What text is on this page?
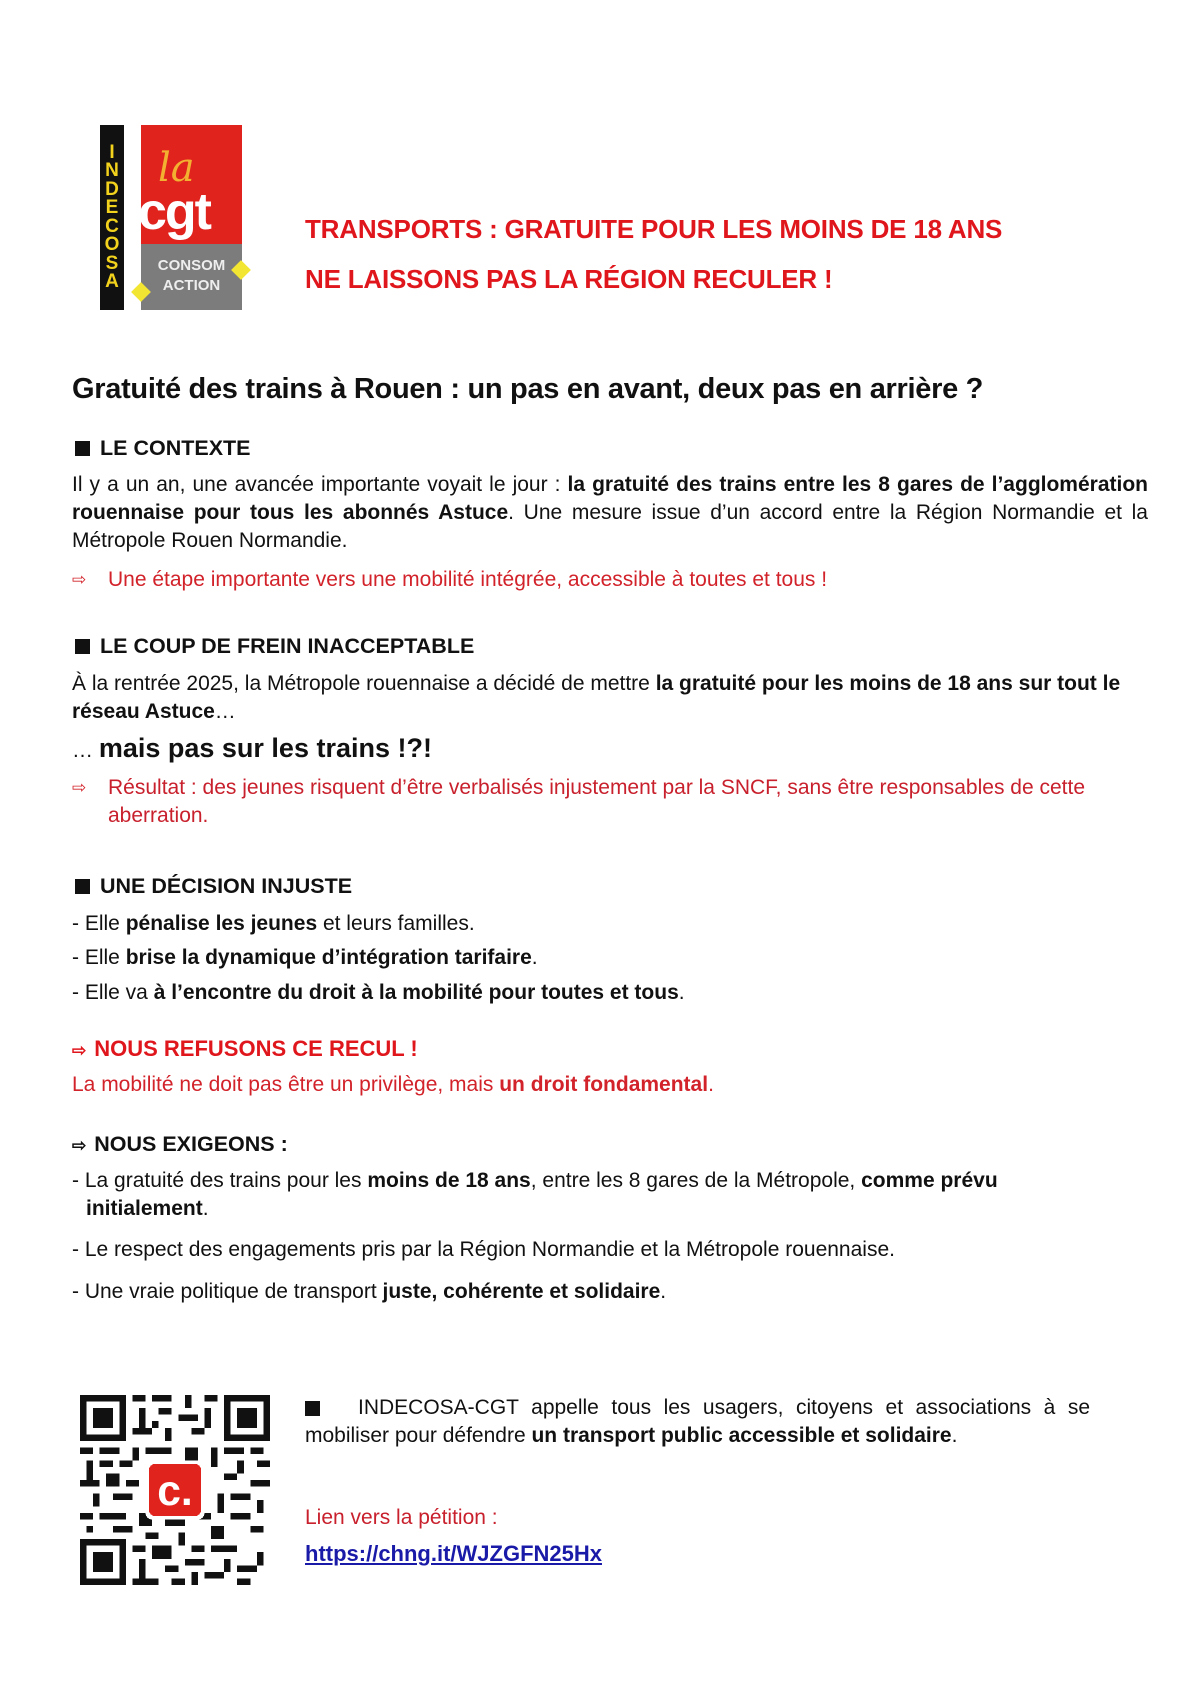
I
N
D
E
C
O
S
A
la
cgt
CONSOM
ACTION
TRANSPORTS : GRATUITE POUR LES MOINS DE 18 ANS
NE LAISSONS PAS LA RÉGION RECULER !
Gratuité des trains à Rouen : un pas en avant, deux pas en arrière ?
LE CONTEXTE
Il y a un an, une avancée importante voyait le jour : la gratuité des trains entre les 8 gares de l’agglomération rouennaise pour tous les abonnés Astuce. Une mesure issue d’un accord entre la Région Normandie et la Métropole Rouen Normandie.
⇨	Une étape importante vers une mobilité intégrée, accessible à toutes et tous !
LE COUP DE FREIN INACCEPTABLE
À la rentrée 2025, la Métropole rouennaise a décidé de mettre la gratuité pour les moins de 18 ans sur tout le réseau Astuce…
… mais pas sur les trains !?!
⇨	Résultat : des jeunes risquent d’être verbalisés injustement par la SNCF, sans être responsables de cette aberration.
UNE DÉCISION INJUSTE
- Elle pénalise les jeunes et leurs familles.
- Elle brise la dynamique d’intégration tarifaire.
- Elle va à l’encontre du droit à la mobilité pour toutes et tous.
⇨ NOUS REFUSONS CE RECUL !
La mobilité ne doit pas être un privilège, mais un droit fondamental.
⇨ NOUS EXIGEONS :
- La gratuité des trains pour les moins de 18 ans, entre les 8 gares de la Métropole, comme prévu initialement.
- Le respect des engagements pris par la Région Normandie et la Métropole rouennaise.
- Une vraie politique de transport juste, cohérente et solidaire.
c.
INDECOSA-CGT appelle tous les usagers, citoyens et associations à se mobiliser pour défendre un transport public accessible et solidaire.
Lien vers la pétition :
https://chng.it/WJZGFN25Hx
